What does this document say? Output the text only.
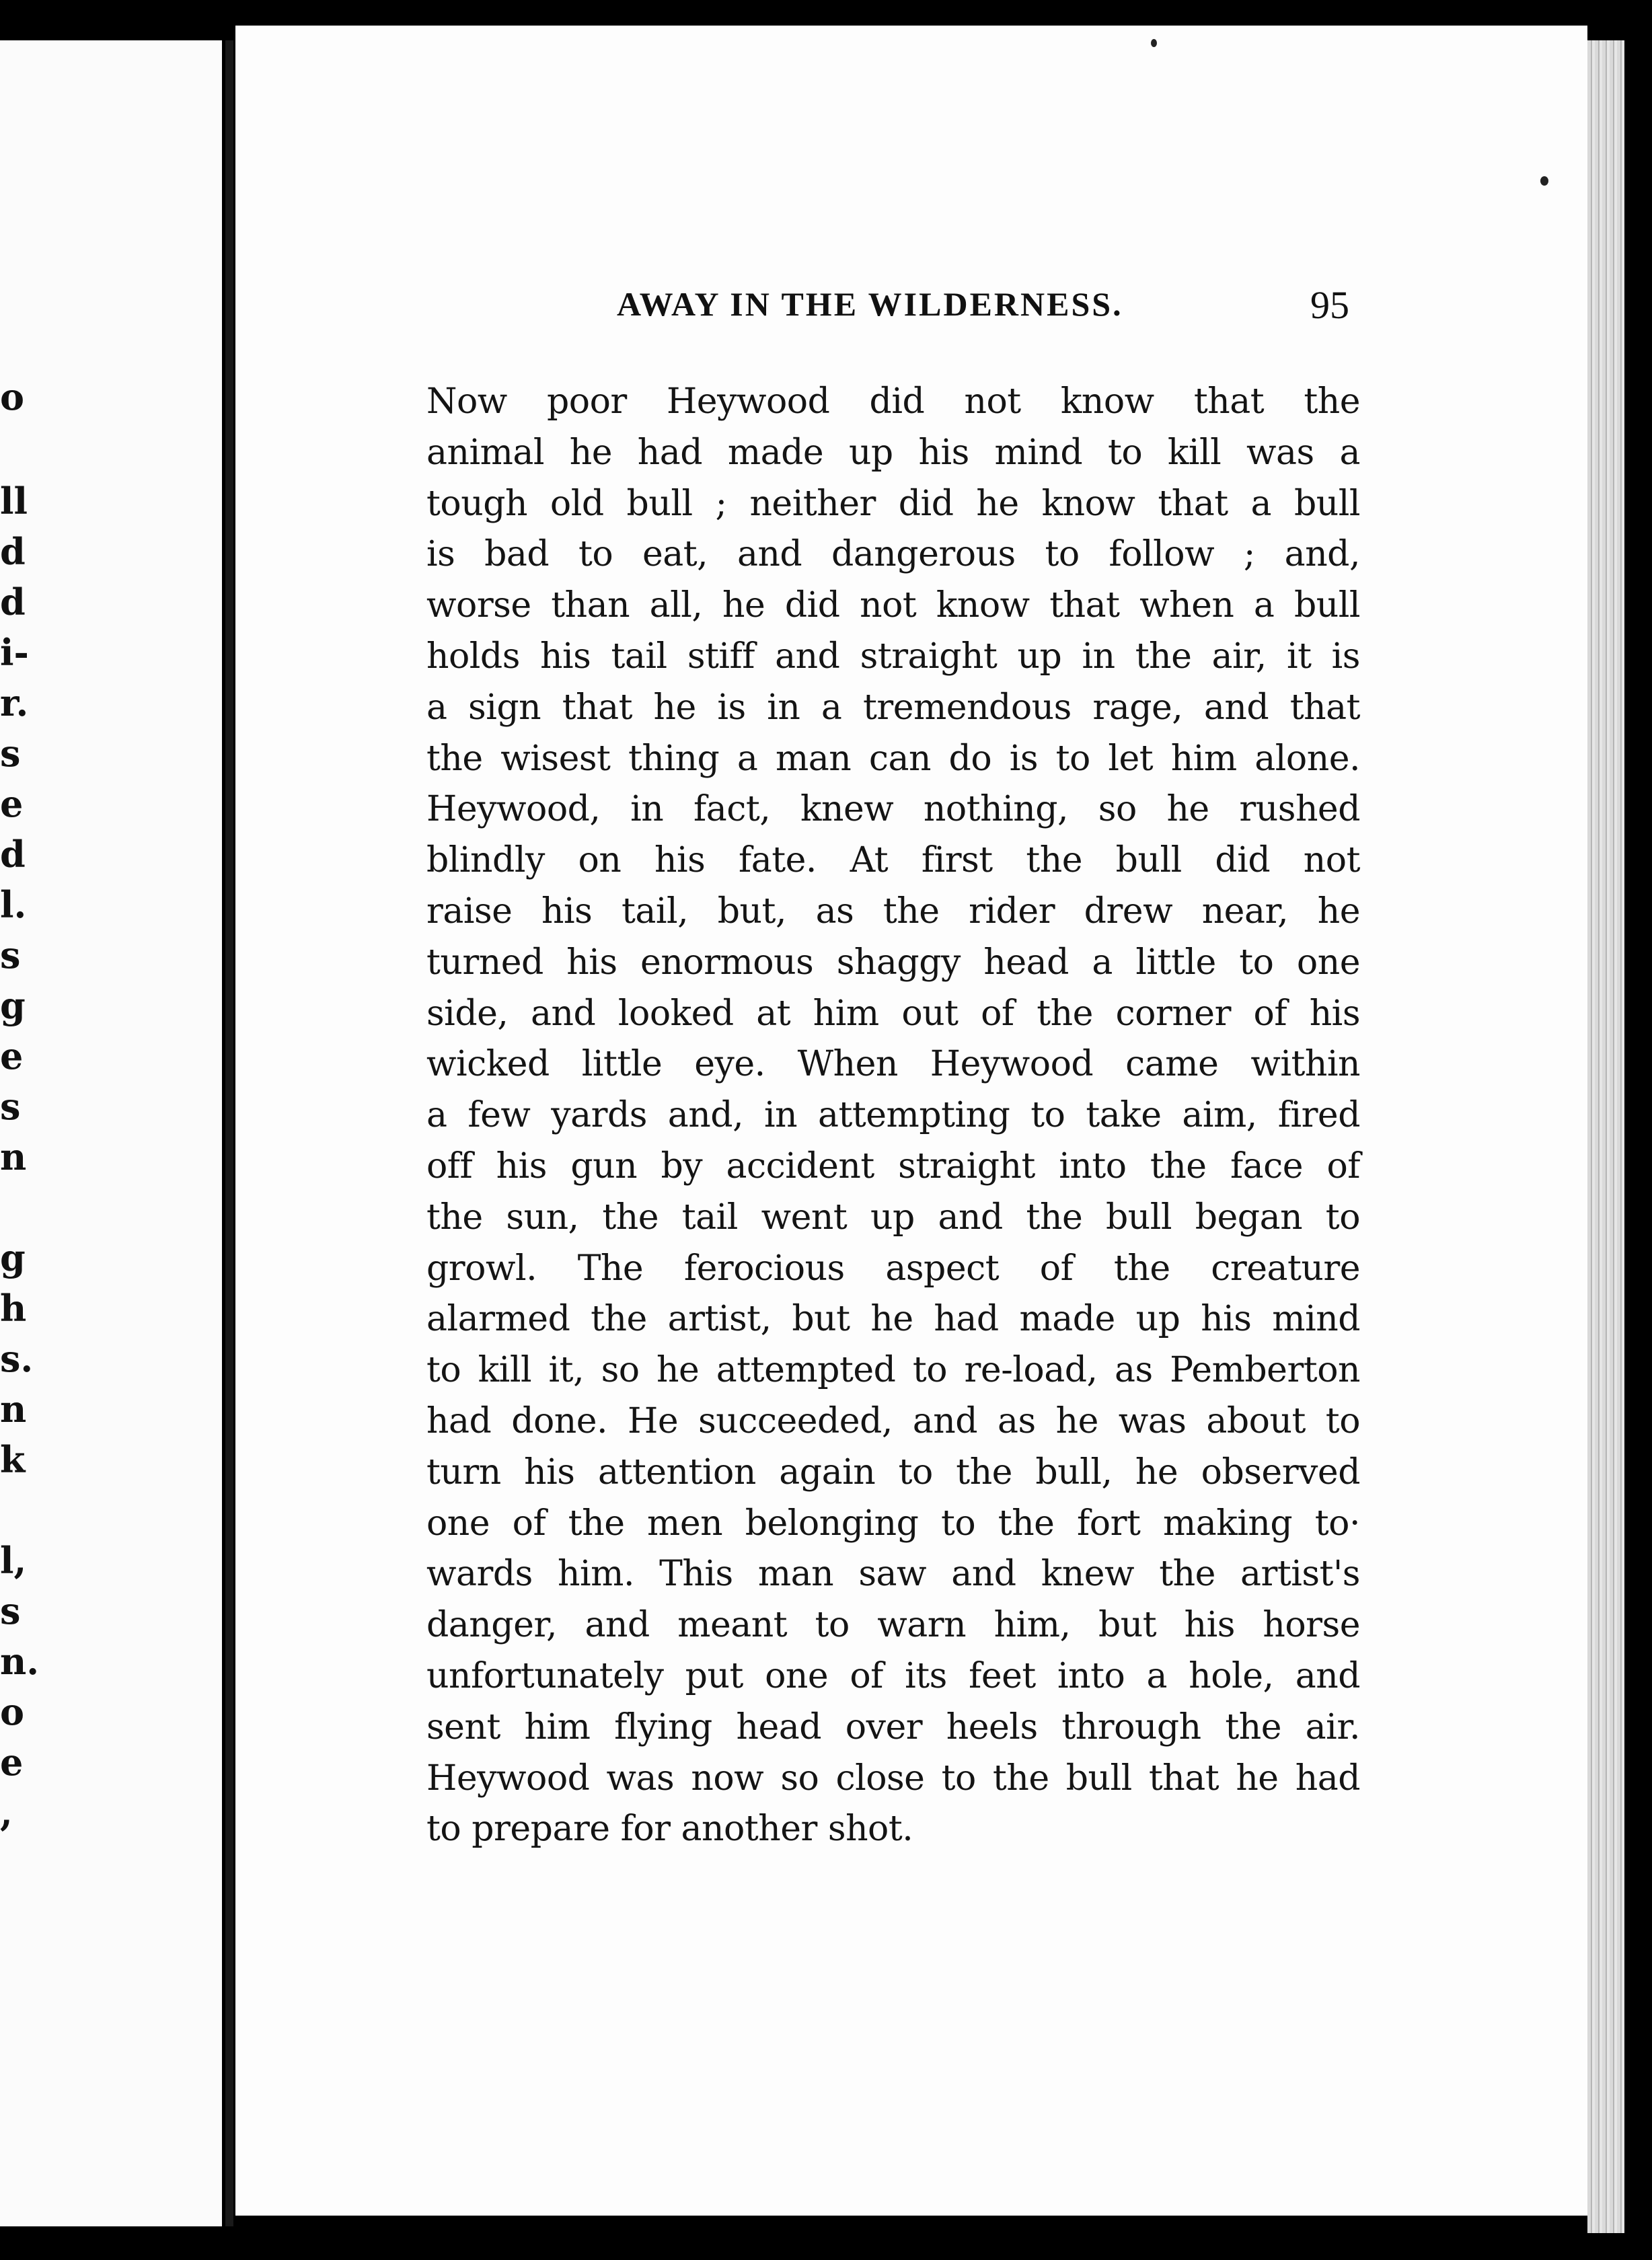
o
ll
d
d
i-
r.
s
e
d
l.
s
g
e
s
n
g
h
s.
n
k
l,
s
n.
o
e
,
AWAY IN THE WILDERNESS.	95
Now poor Heywood did not know that the
animal he had made up his mind to kill was a
tough old bull ; neither did he know that a bull
is bad to eat, and dangerous to follow ; and,
worse than all, he did not know that when a bull
holds his tail stiff and straight up in the air, it is
a sign that he is in a tremendous rage, and that
the wisest thing a man can do is to let him alone.
Heywood, in fact, knew nothing, so he rushed
blindly on his fate. At first the bull did not
raise his tail, but, as the rider drew near, he
turned his enormous shaggy head a little to one
side, and looked at him out of the corner of his
wicked little eye. When Heywood came within
a few yards and, in attempting to take aim, fired
off his gun by accident straight into the face of
the sun, the tail went up and the bull began to
growl. The ferocious aspect of the creature
alarmed the artist, but he had made up his mind
to kill it, so he attempted to re-load, as Pemberton
had done. He succeeded, and as he was about to
turn his attention again to the bull, he observed
one of the men belonging to the fort making to·
wards him. This man saw and knew the artist's
danger, and meant to warn him, but his horse
unfortunately put one of its feet into a hole, and
sent him flying head over heels through the air.
Heywood was now so close to the bull that he had
to prepare for another shot.
